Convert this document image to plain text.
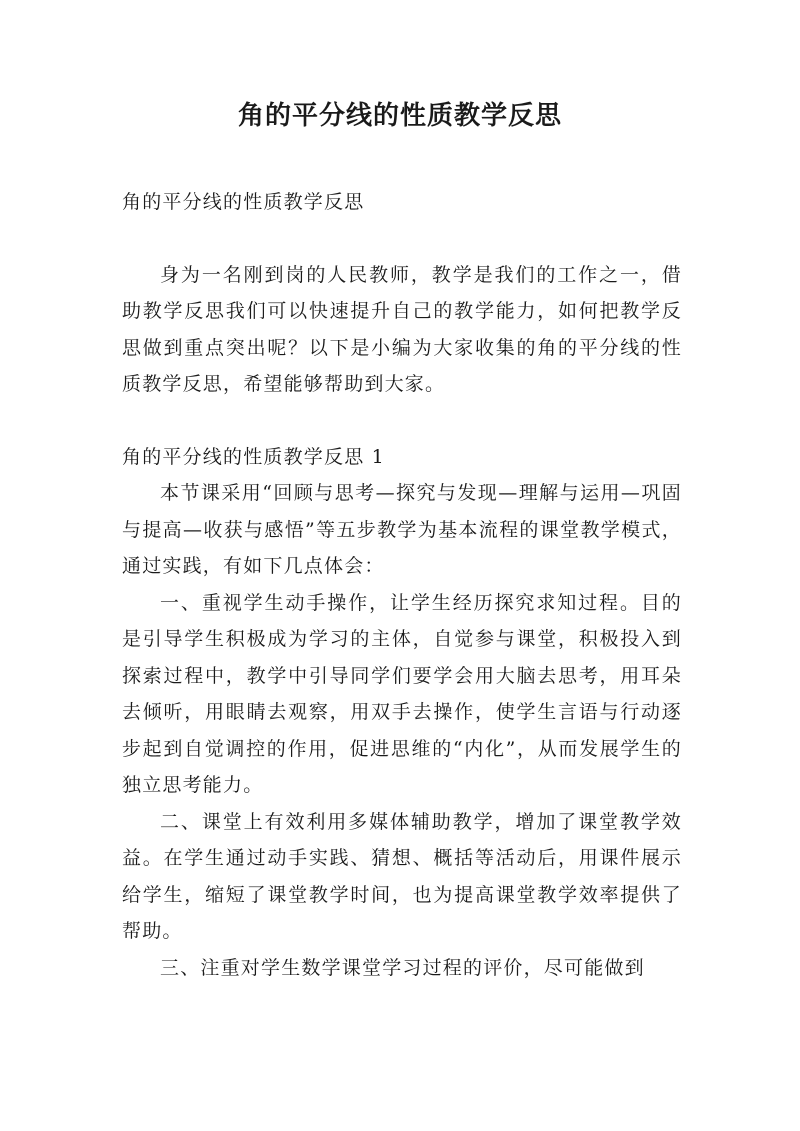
角的平分线的性质教学反思

角的平分线的性质教学反思

身为一名刚到岗的人民教师，教学是我们的工作之一，借助教学反思我们可以快速提升自己的教学能力，如何把教学反思做到重点突出呢？以下是小编为大家收集的角的平分线的性质教学反思，希望能够帮助到大家。

角的平分线的性质教学反思 1

本节课采用“回顾与思考—探究与发现—理解与运用—巩固与提高—收获与感悟”等五步教学为基本流程的课堂教学模式，通过实践，有如下几点体会：

一、重视学生动手操作，让学生经历探究求知过程。目的是引导学生积极成为学习的主体，自觉参与课堂，积极投入到探索过程中，教学中引导同学们要学会用大脑去思考，用耳朵去倾听，用眼睛去观察，用双手去操作，使学生言语与行动逐步起到自觉调控的作用，促进思维的“内化”，从而发展学生的独立思考能力。

二、课堂上有效利用多媒体辅助教学，增加了课堂教学效益。在学生通过动手实践、猜想、概括等活动后，用课件展示给学生，缩短了课堂教学时间，也为提高课堂教学效率提供了帮助。

三、注重对学生数学课堂学习过程的评价，尽可能做到
